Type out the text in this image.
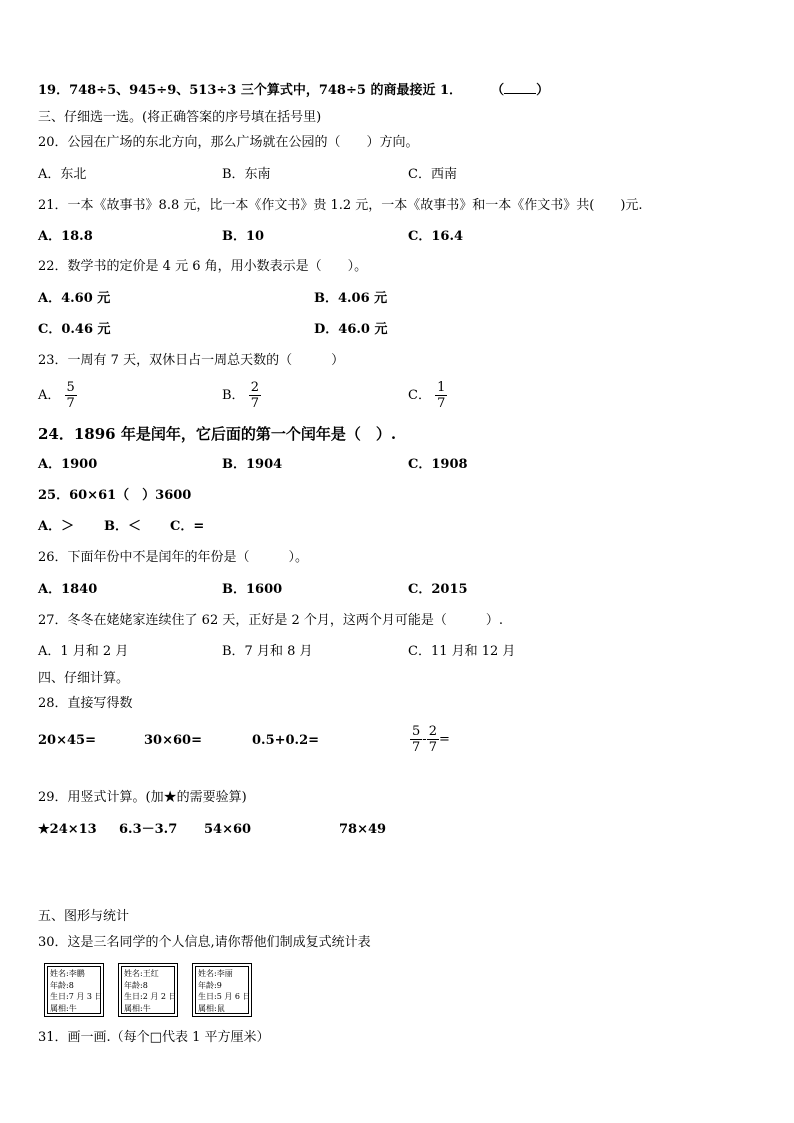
19．748÷5、945÷9、513÷3 三个算式中，748÷5 的商最接近 1． （ ）
三、仔细选一选。(将正确答案的序号填在括号里)
20．公园在广场的东北方向，那么广场就在公园的（　　）方向。
A．东北	B．东南	C．西南
21．一本《故事书》8.8 元，比一本《作文书》贵 1.2 元，一本《故事书》和一本《作文书》共(　　)元.
A．18.8	B．10	C．16.4
22．数学书的定价是 4 元 6 角，用小数表示是（　　）。
A．4.60 元	B．4.06 元
C．0.46 元	D．46.0 元
23．一周有 7 天，双休日占一周总天数的（　　　）
A． $\frac{5}{7}$	B． $\frac{2}{7}$	C． $\frac{1}{7}$
24．1896 年是闰年，它后面的第一个闰年是（　）.
A．1900	B．1904	C．1908
25．60×61（　）3600
A．＞ B．＜ C．=
26．下面年份中不是闰年的年份是（　　　）。
A．1840	B．1600	C．2015
27．冬冬在姥姥家连续住了 62 天，正好是 2 个月，这两个月可能是（　　　）.
A．1 月和 2 月	B．7 月和 8 月	C．11 月和 12 月
四、仔细计算。
28．直接写得数
20×45=	30×60=	0.5+0.2=	$\frac{5}{7} - \frac{2}{7}$ =
29．用竖式计算。(加★的需要验算)
★24×13 6.3－3.7 54×60	78×49
五、图形与统计
30．这是三名同学的个人信息,请你帮他们制成复式统计表
姓名:李鹏
年龄:8
生日:7 月 3 日
属相:牛
姓名:王红
年龄:8
生日:2 月 2 日
属相:牛
姓名:李丽
年龄:9
生日:5 月 6 日
属相:鼠
31．画一画.（每个□代表 1 平方厘米）
